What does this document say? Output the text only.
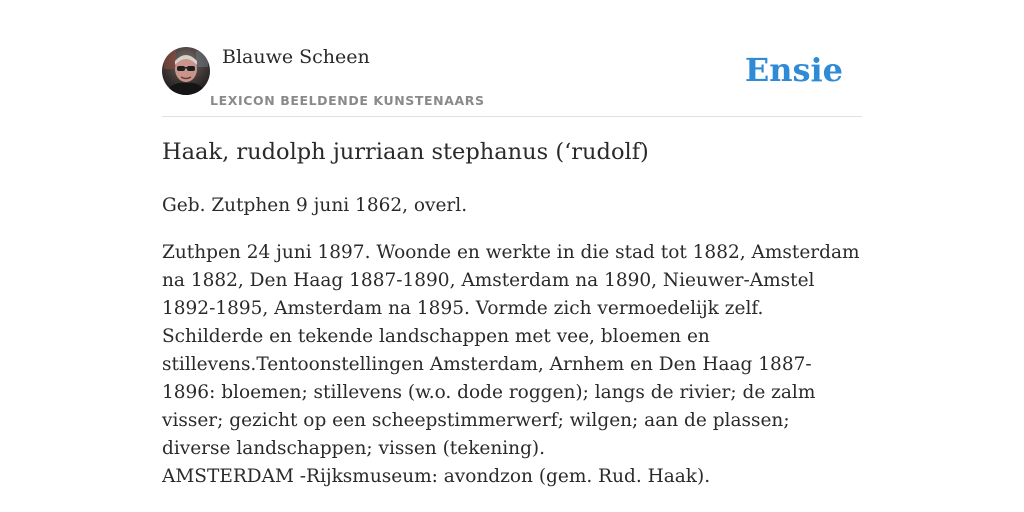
Blauwe Scheen
LEXICON BEELDENDE KUNSTENAARS
Ensie
Haak, rudolph jurriaan stephanus (‘rudolf)

Geb. Zutphen 9 juni 1862, overl.

Zuthpen 24 juni 1897. Woonde en werkte in die stad tot 1882, Amsterdam na 1882, Den Haag 1887-1890, Amsterdam na 1890, Nieuwer-Amstel 1892-1895, Amsterdam na 1895. Vormde zich vermoedelijk zelf. Schilderde en tekende landschappen met vee, bloemen en stillevens.Tentoonstellingen Amsterdam, Arnhem en Den Haag 1887-1896: bloemen; stillevens (w.o. dode roggen); langs de rivier; de zalm visser; gezicht op een scheepstimmerwerf; wilgen; aan de plassen; diverse landschappen; vissen (tekening).

AMSTERDAM -Rijksmuseum: avondzon (gem. Rud. Haak).
